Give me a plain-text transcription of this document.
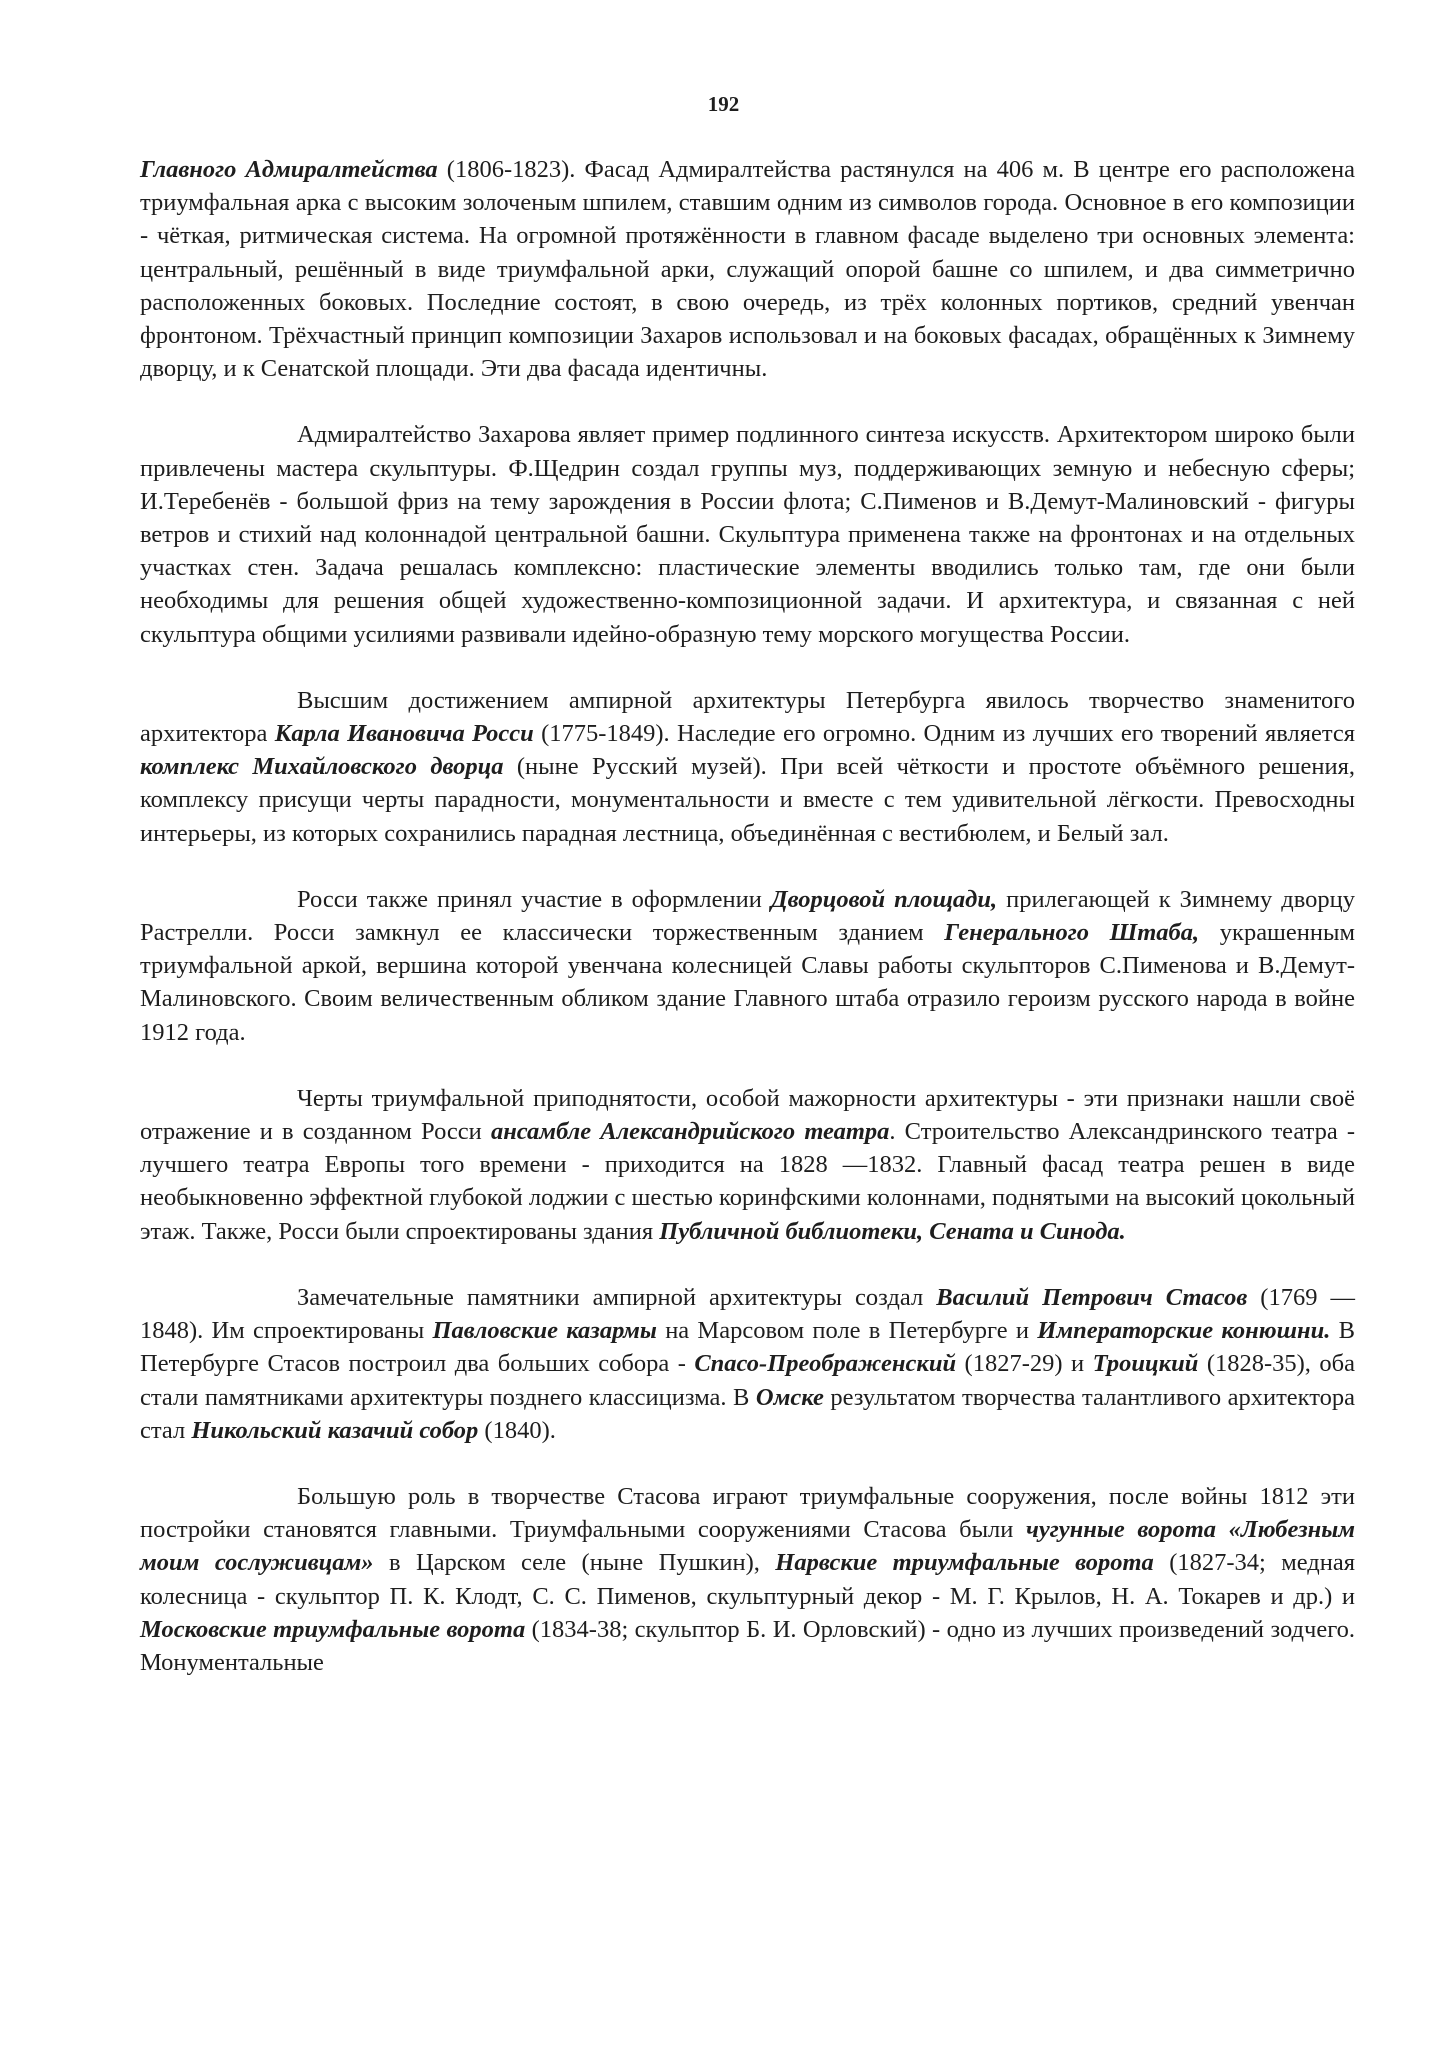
192

Главного Адмиралтейства (1806-1823). Фасад Адмиралтейства растянулся на 406 м. В центре его расположена триумфальная арка с высоким золоченым шпилем, ставшим одним из символов города. Основное в его композиции - чёткая, ритмическая система. На огромной протяжённости в главном фасаде выделено три основных элемента: центральный, решённый в виде триумфальной арки, служащий опорой башне со шпилем, и два симметрично расположенных боковых. Последние состоят, в свою очередь, из трёх колонных портиков, средний увенчан фронтоном. Трёхчастный принцип композиции Захаров использовал и на боковых фасадах, обращённых к Зимнему дворцу, и к Сенатской площади. Эти два фасада идентичны.

Адмиралтейство Захарова являет пример подлинного синтеза искусств. Архитектором широко были привлечены мастера скульптуры. Ф.Щедрин создал группы муз, поддерживающих земную и небесную сферы; И.Теребенёв - большой фриз на тему зарождения в России флота; С.Пименов и В.Демут-Малиновский - фигуры ветров и стихий над колоннадой центральной башни. Скульптура применена также на фронтонах и на отдельных участках стен. Задача решалась комплексно: пластические элементы вводились только там, где они были необходимы для решения общей художественно-композиционной задачи. И архитектура, и связанная с ней скульптура общими усилиями развивали идейно-образную тему морского могущества России.

Высшим достижением ампирной архитектуры Петербурга явилось творчество знаменитого архитектора Карла Ивановича Росси (1775-1849). Наследие его огромно. Одним из лучших его творений является комплекс Михайловского дворца (ныне Русский музей). При всей чёткости и простоте объёмного решения, комплексу присущи черты парадности, монументальности и вместе с тем удивительной лёгкости. Превосходны интерьеры, из которых сохранились парадная лестница, объединённая с вестибюлем, и Белый зал.

Росси также принял участие в оформлении Дворцовой площади, прилегающей к Зимнему дворцу Растрелли. Росси замкнул ее классически торжественным зданием Генерального Штаба, украшенным триумфальной аркой, вершина которой увенчана колесницей Славы работы скульпторов С.Пименова и В.Демут-Малиновского. Своим величественным обликом здание Главного штаба отразило героизм русского народа в войне 1912 года.

Черты триумфальной приподнятости, особой мажорности архитектуры - эти признаки нашли своё отражение и в созданном Росси ансамбле Александрийского театра. Строительство Александринского театра - лучшего театра Европы того времени - приходится на 1828 —1832. Главный фасад театра решен в виде необыкновенно эффектной глубокой лоджии с шестью коринфскими колоннами, поднятыми на высокий цокольный этаж. Также, Росси были спроектированы здания Публичной библиотеки, Сената и Синода.

Замечательные памятники ампирной архитектуры создал Василий Петрович Стасов (1769 — 1848). Им спроектированы Павловские казармы на Марсовом поле в Петербурге и Императорские конюшни. В Петербурге Стасов построил два больших собора - Спасо-Преображенский (1827-29) и Троицкий (1828-35), оба стали памятниками архитектуры позднего классицизма. В Омске результатом творчества талантливого архитектора стал Никольский казачий собор (1840).

Большую роль в творчестве Стасова играют триумфальные сооружения, после войны 1812 эти постройки становятся главными. Триумфальными сооружениями Стасова были чугунные ворота «Любезным моим сослуживцам» в Царском селе (ныне Пушкин), Нарвские триумфальные ворота (1827-34; медная колесница - скульптор П. К. Клодт, С. С. Пименов, скульптурный декор - М. Г. Крылов, Н. А. Токарев и др.) и Московские триумфальные ворота (1834-38; скульптор Б. И. Орловский) - одно из лучших произведений зодчего. Монументальные
